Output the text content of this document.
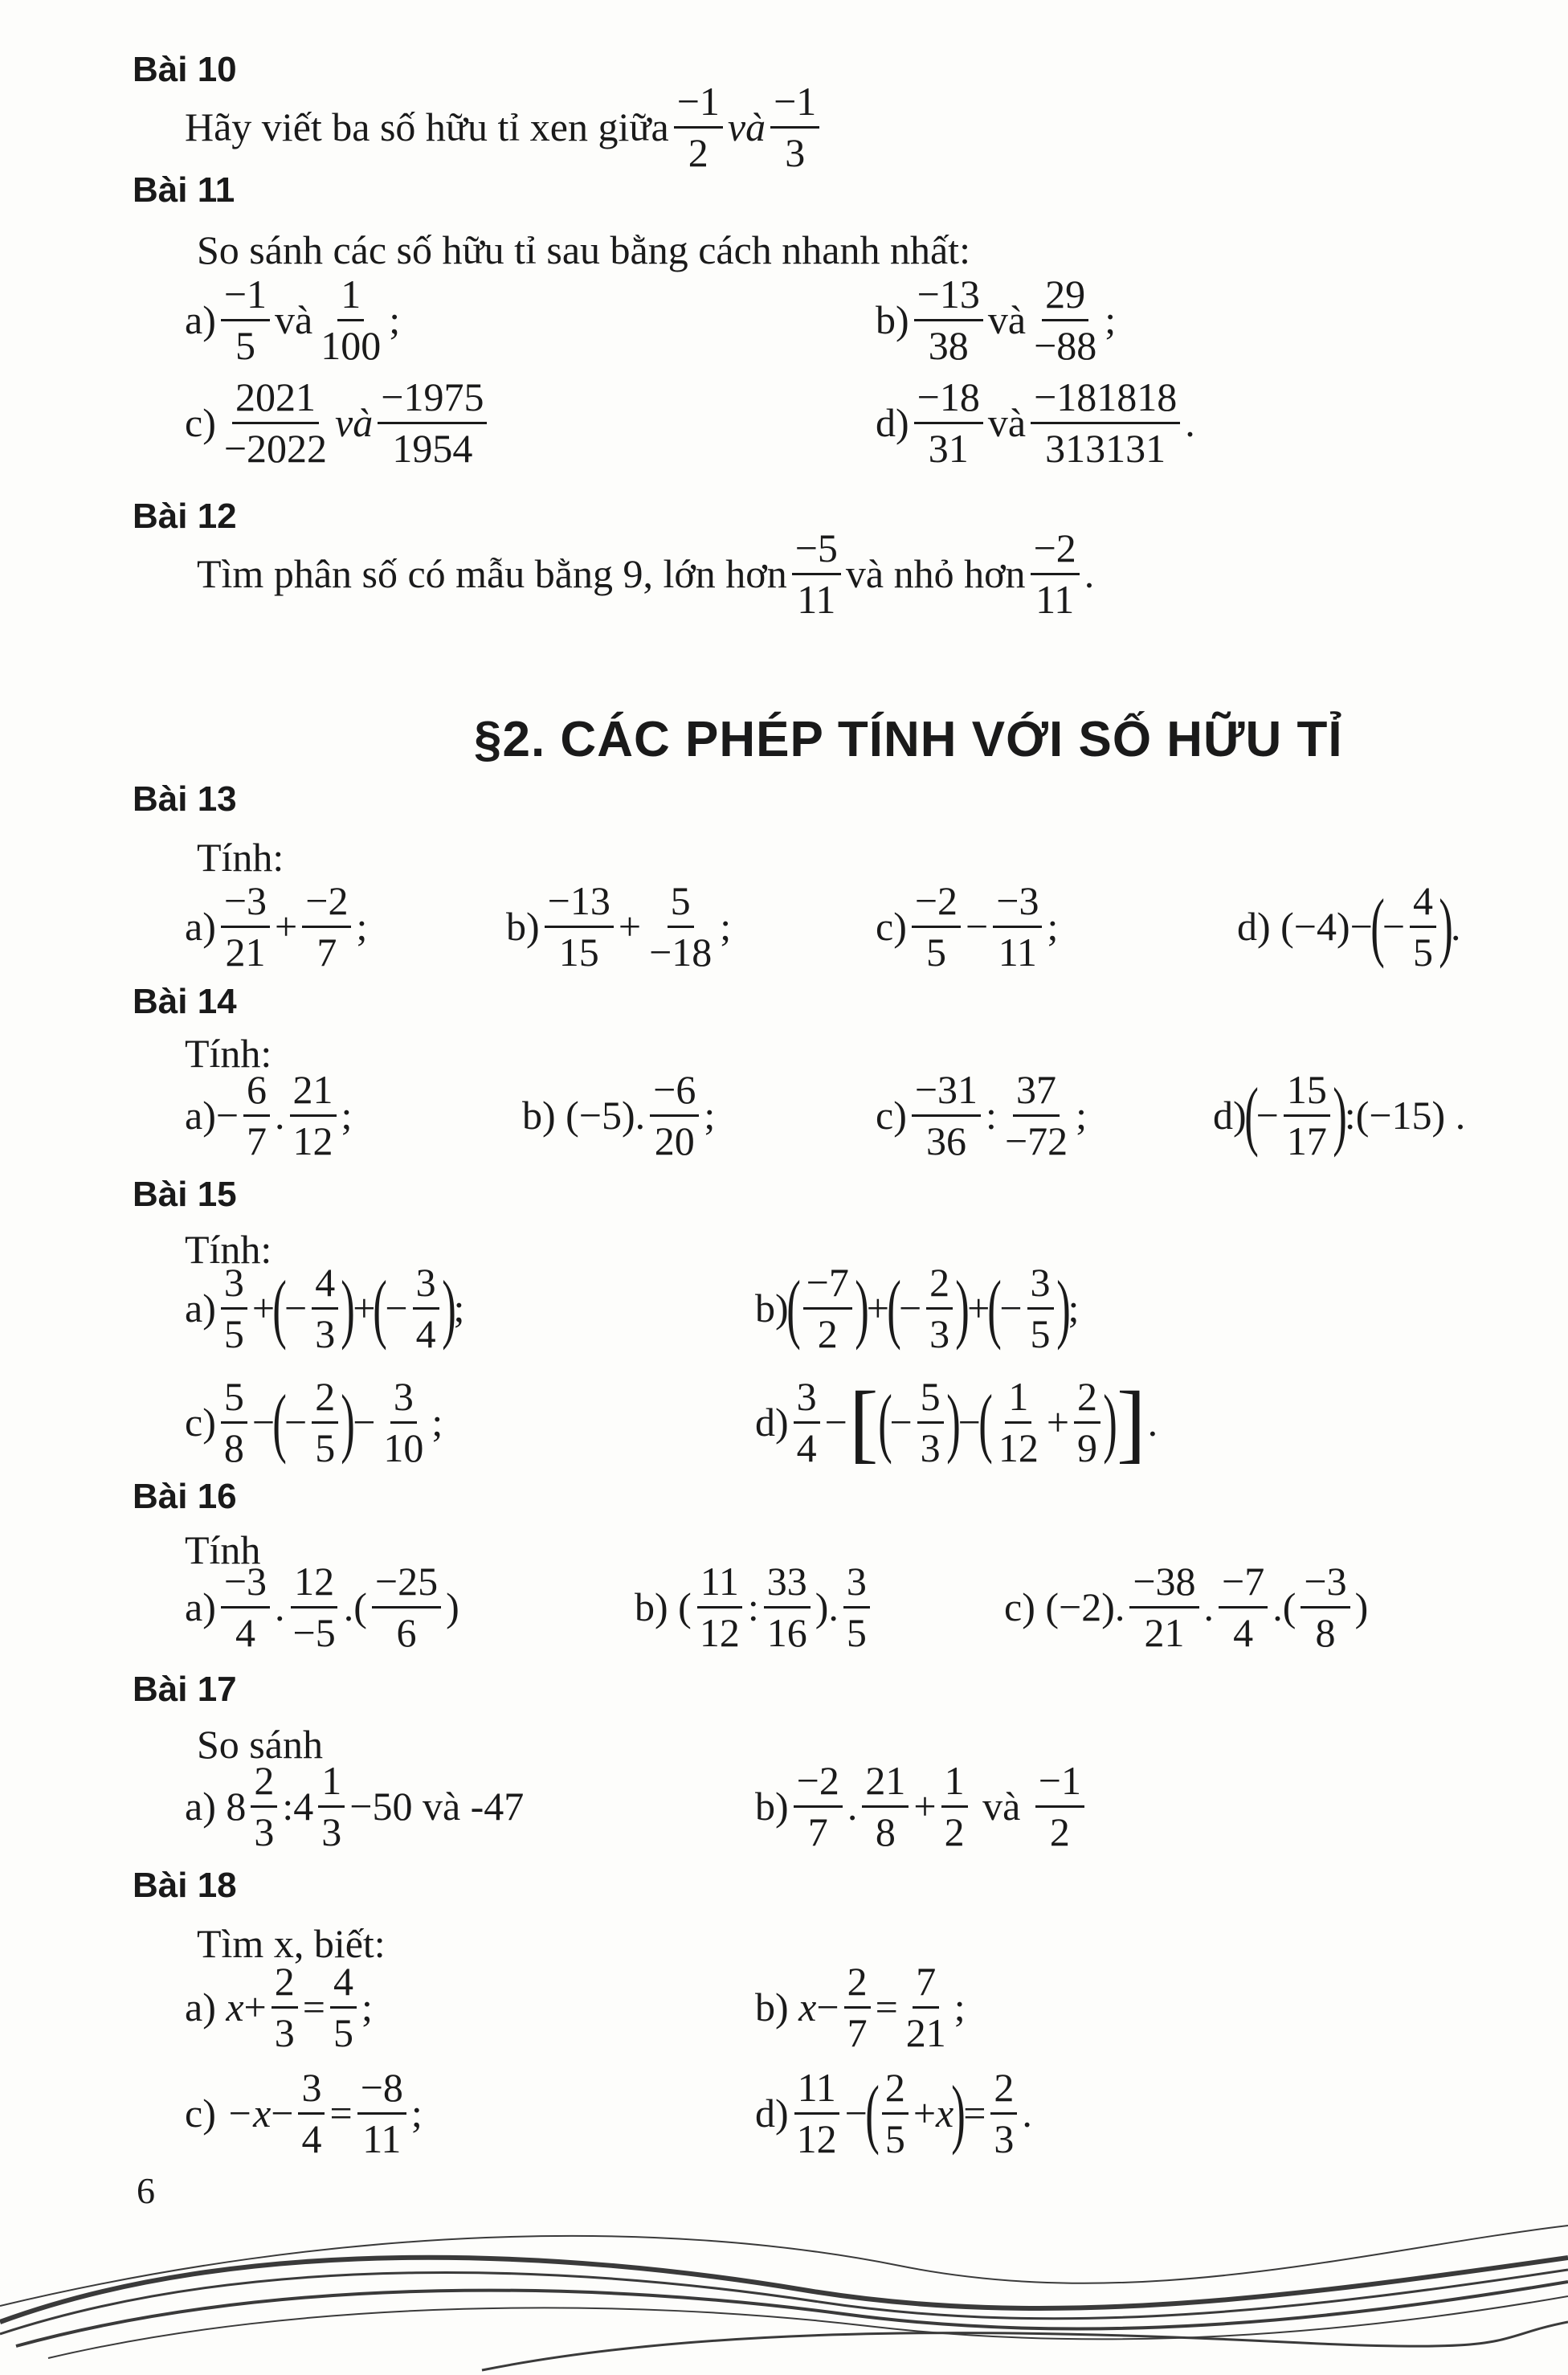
Bài 10
Hãy viết ba số hữu tỉ xen giữa $\frac{-1}{2}$ và $\frac{-1}{3}$
Bài 11
So sánh các số hữu tỉ sau bằng cách nhanh nhất:
$a) \frac{-1}{5}$ và $\frac{1}{100}$ ;	$b) \frac{-13}{38}$ và $\frac{29}{-88}$ ;
$c) \frac{2021}{-2022}$ và $\frac{-1975}{1954}$	$d) \frac{-18}{31}$ và $\frac{-181818}{313131}$ .
Bài 12
Tìm phân số có mẫu bằng 9, lớn hơn $\frac{-5}{11}$ và nhỏ hơn $\frac{-2}{11}$ .
§2. CÁC PHÉP TÍNH VỚI SỐ HỮU TỈ
Bài 13
Tính:
$a) \frac{-3}{21} + \frac{-2}{7}$ ;	$b) \frac{-13}{15} + \frac{5}{-18}$ ;	$c) \frac{-2}{5} - \frac{-3}{11}$ ;	d)
(−4)−
(
− $\frac{4}{5}$ )
.
Bài 14
Tính:
$a) - \frac{6}{7}$ . $\frac{21}{12}$ ;	b)
(−5). $\frac{-6}{20}$ ;	$c) \frac{-31}{36}$ : $\frac{37}{-72}$ ;	d)
(
− $\frac{15}{17}$ )
:(−15) .
Bài 15
Tính:
$a) \frac{3}{5}$ +
(
− $\frac{4}{3}$ )
+
(
− $\frac{3}{4}$ )
;	b)
( $\frac{-7}{2}$ )
+
(
− $\frac{2}{3}$ )
+
(
− $\frac{3}{5}$ )
;
$c) \frac{5}{8}$ −
(
− $\frac{2}{5}$ )
− $\frac{3}{10}$ ;	$d) \frac{3}{4}$ − [ (
− $\frac{5}{3}$ )
−
( $\frac{1}{12} + \frac{2}{9}$ ) ] .
Bài 16
Tính
$a) \frac{-3}{4}$ . $\frac{12}{-5}$ .( $\frac{-25}{6}$ )	b)
( $\frac{11}{12}$ : $\frac{33}{16}$ ). $\frac{3}{5}$	c)
(−2). $\frac{-38}{21}$ . $\frac{-7}{4}$ .( $\frac{-3}{8}$ )
Bài 17
So sánh
a)
$8 \frac{2}{3}$ : $4 \frac{1}{3} -50$ và -47	$b) \frac{-2}{7}$ . $\frac{21}{8} + \frac{1}{2}$
và
$\frac{-1}{2}$
Bài 18
Tìm x, biết:
a)
$x + \frac{2}{3} = \frac{4}{5}$ ;	b)
$x - \frac{2}{7} = \frac{7}{21}$ ;
c)
$-x - \frac{3}{4} = \frac{-8}{11}$ ;	$d) \frac{11}{12}$ −
( $\frac{2}{5} + x$
)
= $\frac{2}{3}$ .
6
